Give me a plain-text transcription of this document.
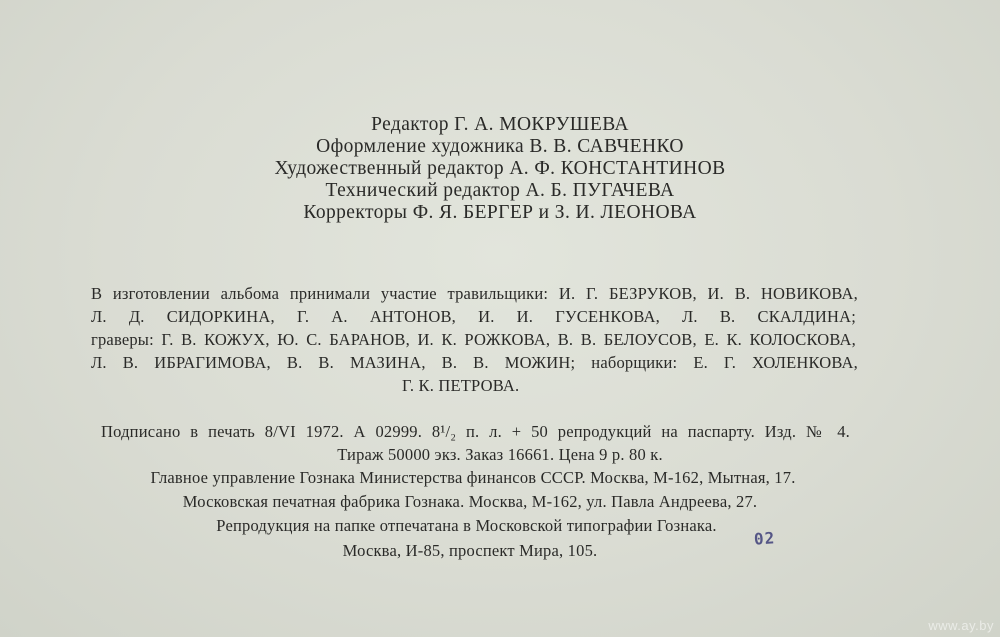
Редактор Г. А. МОКРУШЕВА
Оформление художника В. В. САВЧЕНКО
Художественный редактор А. Ф. КОНСТАНТИНОВ
Технический редактор А. Б. ПУГАЧЕВА
Корректоры Ф. Я. БЕРГЕР и З. И. ЛЕОНОВА
В изготовлении альбома принимали участие травильщики: И. Г. БЕЗРУКОВ, И. В. НОВИКОВА,
Л. Д. СИДОРКИНА, Г. А. АНТОНОВ, И. И. ГУСЕНКОВА, Л. В. СКАЛДИНА;
граверы: Г. В. КОЖУХ, Ю. С. БАРАНОВ, И. К. РОЖКОВА, В. В. БЕЛОУСОВ, Е. К. КОЛОСКОВА,
Л. В. ИБРАГИМОВА, В. В. МАЗИНА, В. В. МОЖИН; наборщики: Е. Г. ХОЛЕНКОВА,
Г. К. ПЕТРОВА.
Подписано в печать 8/VI 1972. А 02999. 8¹/₂ п. л. + 50 репродукций на паспарту. Изд. № 4.
Тираж 50000 экз. Заказ 16661. Цена 9 р. 80 к.
Главное управление Гознака Министерства финансов СССР. Москва, М-162, Мытная, 17.
Московская печатная фабрика Гознака. Москва, М-162, ул. Павла Андреева, 27.
Репродукция на папке отпечатана в Московской типографии Гознака.
Москва, И-85, проспект Мира, 105.
02
www.ay.by
